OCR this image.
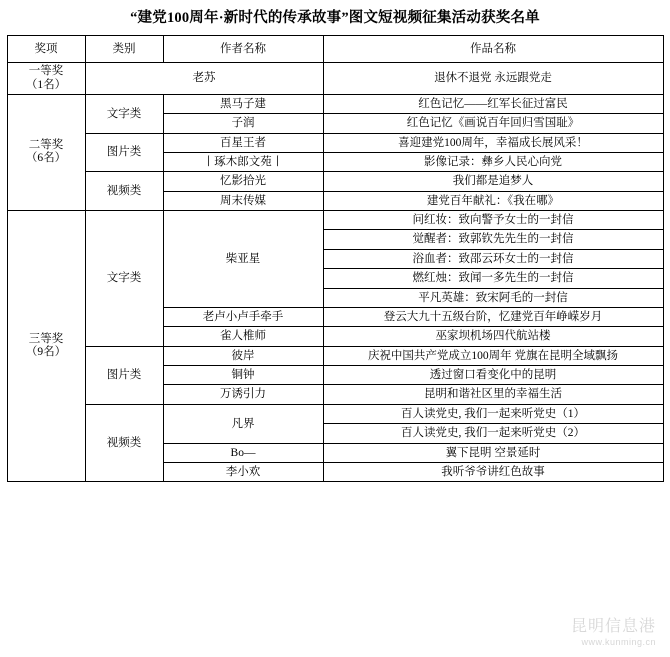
“建党100周年·新时代的传承故事”图文短视频征集活动获奖名单
奖项	类别	作者名称	作品名称
一等奖
（1名）	老苏		退休不退党 永远跟党走
二等奖
（6名）	文字类	黑马子建	红色记忆——红军长征过富民
		子润	红色记忆《画说百年回归雪国耻》
	图片类	百星王者	喜迎建党100周年，幸福成长展风采！
		丨琢木郎文苑丨	影像记录：彝乡人民心向党
	视频类	忆影拾光	我们都是追梦人
		周末传媒	建党百年献礼：《我在哪》
三等奖
（9名）	文字类	柴亚星	问红妆：致向警予女士的一封信
			觉醒者：致郭钦先先生的一封信
			浴血者：致邵云环女士的一封信
			燃红烛：致闻一多先生的一封信
			平凡英雄：致宋阿毛的一封信
		老卢小卢手牵手	登云大九十五级台阶，忆建党百年峥嵘岁月
		雀人椎师	巫家坝机场四代航站楼
	图片类	彼岸	庆祝中国共产党成立100周年 党旗在昆明全域飘扬
		铜钟	透过窗口看变化中的昆明
		万诱引力	昆明和谐社区里的幸福生活
	视频类	凡界	百人读党史, 我们一起来听党史（1）
			百人读党史, 我们一起来听党史（2）
		Bo—	翼下昆明 空景延时
		李小欢	我听爷爷讲红色故事
昆明信息港
www.kunming.cn
